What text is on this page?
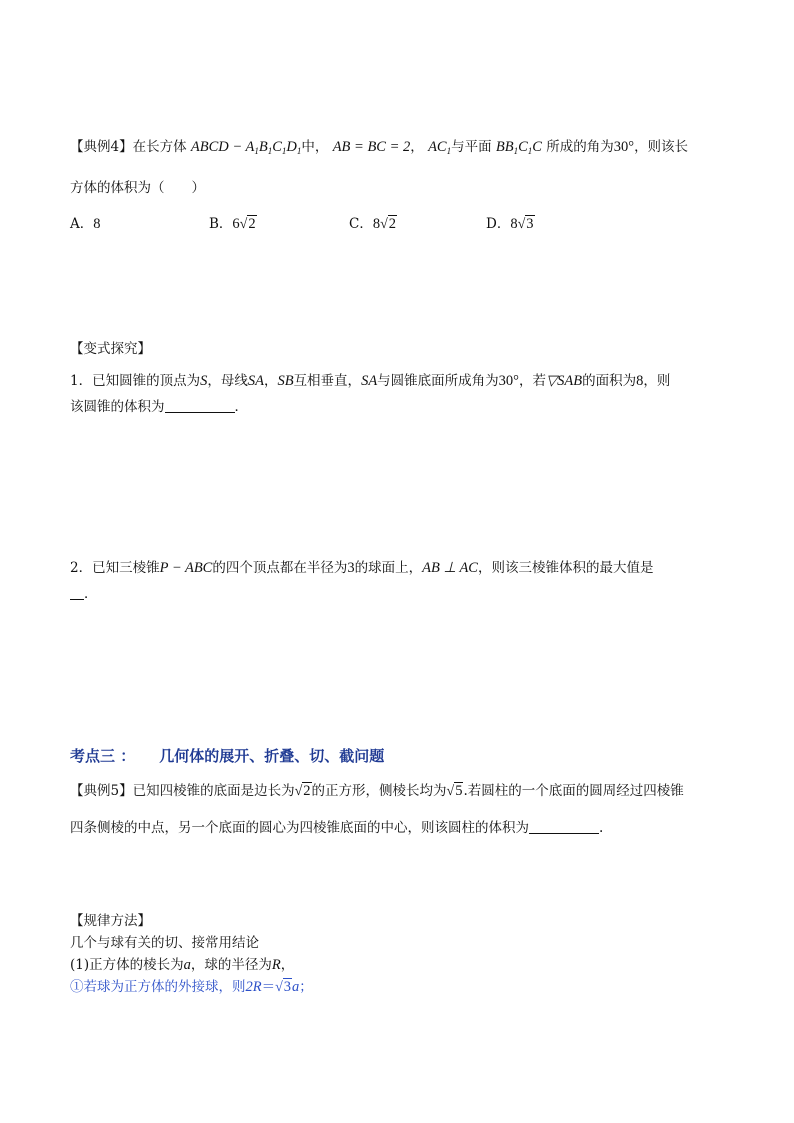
【典例4】在长方体 ABCD − $A_1B_1C_1D_1$中， AB = BC = 2， $AC_1$与平面 $BB_1C_1C$ 所成的角为30°，则该长
方体的体积为（　　）
A．8	B．6√2	C．8√2	D．8√3
【变式探究】
1．已知圆锥的顶点为S，母线SA，SB互相垂直，SA与圆锥底面所成角为30°，若▽SAB的面积为8，则
该圆锥的体积为	．
2．已知三棱锥P − ABC的四个顶点都在半径为3的球面上，AB ⊥ AC，则该三棱锥体积的最大值是
．
考点三 ： 几何体的展开、折叠、切、截问题
【典例5】已知四棱锥的底面是边长为√2的正方形，侧棱长均为√5.若圆柱的一个底面的圆周经过四棱锥
四条侧棱的中点，另一个底面的圆心为四棱锥底面的中心，则该圆柱的体积为	.
【规律方法】
几个与球有关的切、接常用结论
(1)正方体的棱长为a，球的半径为R，
①若球为正方体的外接球，则2R＝√3a；
